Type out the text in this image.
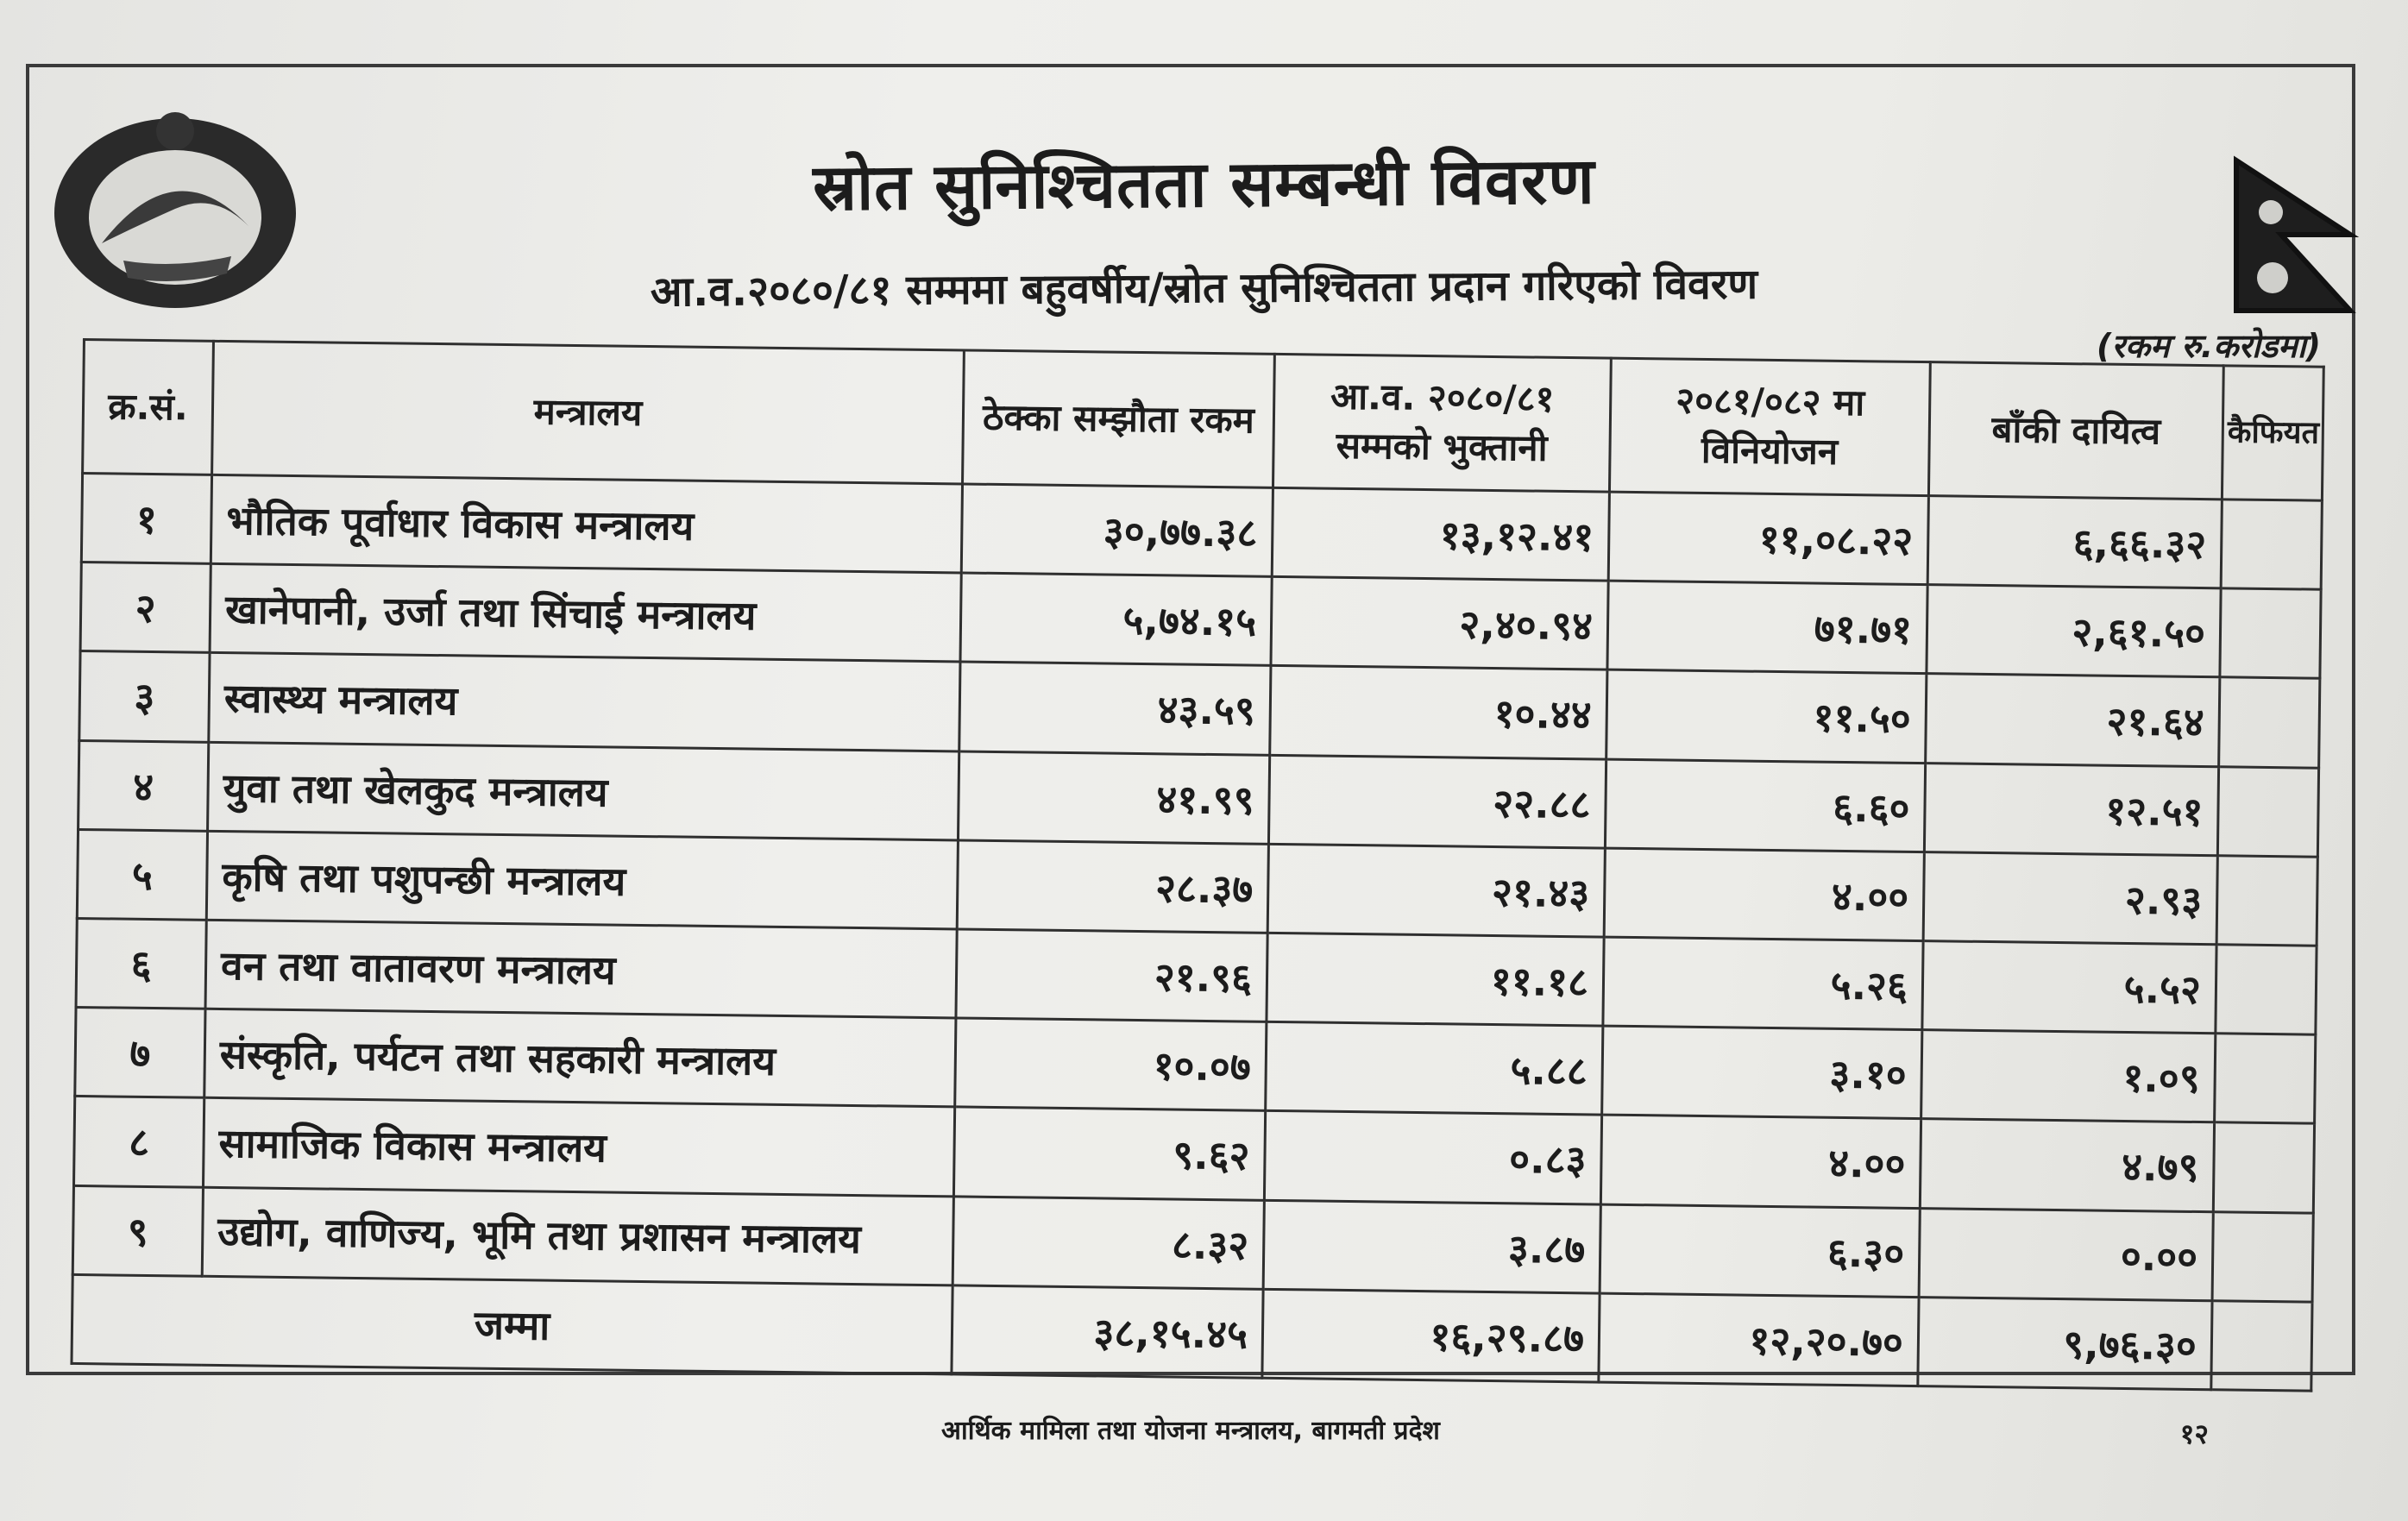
स्रोत सुनिश्चितता सम्बन्धी विवरण
आ.व.२०८०/८१ सम्ममा बहुवर्षीय/स्रोत सुनिश्चितता प्रदान गरिएको विवरण
(रकम रु.करोडमा)
क्र.सं.	मन्त्रालय	ठेक्का सम्झौता रकम	आ.व. २०८०/८१ सम्मको भुक्तानी	२०८१/०८२ मा विनियोजन	बाँकी दायित्व	कैफियत
१	भौतिक पूर्वाधार विकास मन्त्रालय	३०,७७.३८	१३,१२.४१	११,०८.२२	६,६६.३२	
२	खानेपानी, उर्जा तथा सिंचाई मन्त्रालय	५,७४.१५	२,४०.९४	७१.७१	२,६१.५०	
३	स्वास्थ्य मन्त्रालय	४३.५९	१०.४४	११.५०	२१.६४	
४	युवा तथा खेलकुद मन्त्रालय	४१.९९	२२.८८	६.६०	१२.५१	
५	कृषि तथा पशुपन्छी मन्त्रालय	२८.३७	२१.४३	४.००	२.९३	
६	वन तथा वातावरण मन्त्रालय	२१.९६	११.१८	५.२६	५.५२	
७	संस्कृति, पर्यटन तथा सहकारी मन्त्रालय	१०.०७	५.८८	३.१०	१.०९	
८	सामाजिक विकास मन्त्रालय	९.६२	०.८३	४.००	४.७९	
९	उद्योग, वाणिज्य, भूमि तथा प्रशासन मन्त्रालय	८.३२	३.८७	६.३०	०.००	
जम्मा		३८,१५.४५	१६,२९.८७	१२,२०.७०	९,७६.३०	
आर्थिक मामिला तथा योजना मन्त्रालय, बागमती प्रदेश	१२
